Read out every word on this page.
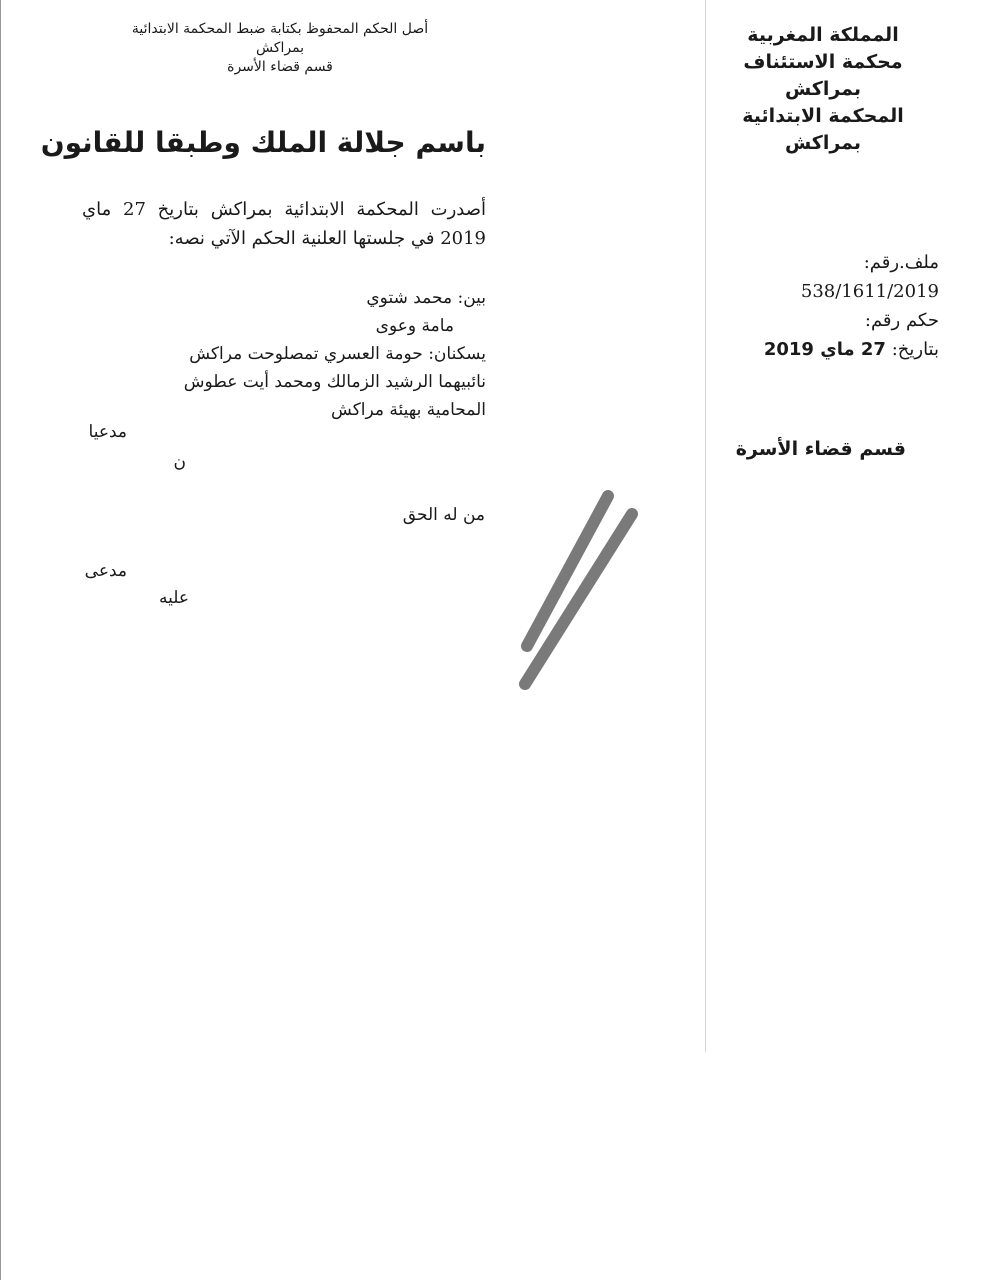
المملكة المغربية
محكمة الاستئناف
بمراكش
المحكمة الابتدائية
بمراكش
ملف.رقم:
538/1611/2019
حكم رقم:
بتاريخ: 27 ماي 2019
قسم قضاء الأسرة
أصل الحكم المحفوظ بكتابة ضبط المحكمة الابتدائية
بمراكش
قسم قضاء الأسرة
باسم جلالة الملك وطبقا للقانون
أصدرت المحكمة الابتدائية بمراكش بتاريخ 27 ماي 2019 في جلستها العلنية الحكم الآتي نصه:
بين: محمد شتوي
مامة وعوى
يسكنان: حومة العسري تمصلوحت مراكش
نائبيهما الرشيد الزمالك ومحمد أيت عطوش
المحامية بهيئة مراكش
مدعيا
ن
من له الحق
مدعى
عليه
